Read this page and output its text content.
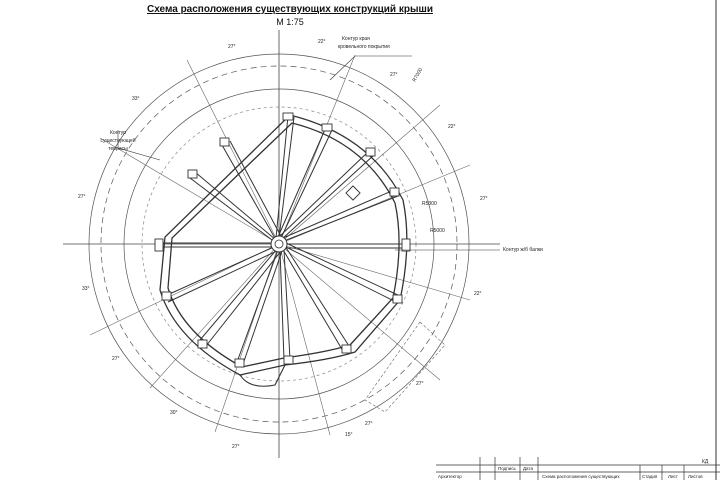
Схема расположения существующих конструкций крыши
М 1:75
Контур края
кровельного покрытия
Контур
существующей
террасы
Контур ж/б балки
R7000
R5300
R5000
27°
22°
27°
22°
27°
22°
27°
33°
27°
33°
27°
30°
27°
15°
27°
КД
Подпись Дата
Архитектор	Схема расположения существующих	Стадия Лист Листов
